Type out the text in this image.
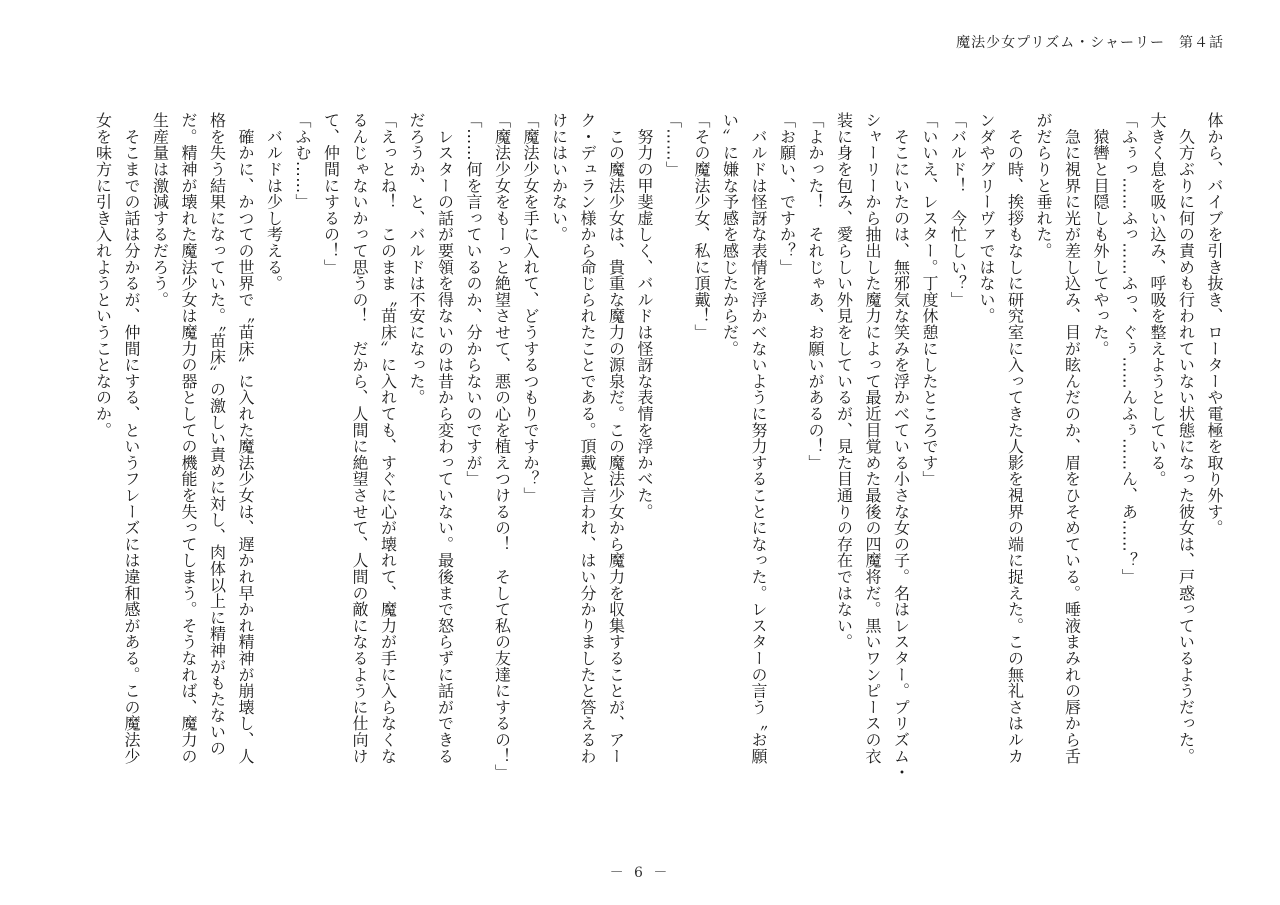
魔法少女プリズム・シャーリー 第４話
体から、バイブを引き抜き、ローターや電極を取り外す。
　久方ぶりに何の責めも行われていない状態になった彼女は、戸惑っているようだった。
大きく息を吸い込み、呼吸を整えようとしている。
「ふぅっ……ふっ……ふっ、ぐぅ……んふぅ……ん、あ……？」
　猿轡と目隠しも外してやった。
　急に視界に光が差し込み、目が眩んだのか、眉をひそめている。唾液まみれの唇から舌
がだらりと垂れた。
　その時、挨拶もなしに研究室に入ってきた人影を視界の端に捉えた。この無礼さはルカ
ンダやグリーヴァではない。
「バルド！　今忙しい？」
「いいえ、レスター。丁度休憩にしたところです」
　そこにいたのは、無邪気な笑みを浮かべている小さな女の子。名はレスター。プリズム・
シャーリーから抽出した魔力によって最近目覚めた最後の四魔将だ。黒いワンピースの衣
装に身を包み、愛らしい外見をしているが、見た目通りの存在ではない。
「よかった！　それじゃあ、お願いがあるの！」
「お願い、ですか？」
　バルドは怪訝な表情を浮かべないように努力することになった。レスターの言う〝お願
い〟に嫌な予感を感じたからだ。
「その魔法少女、私に頂戴！」
「……」
　努力の甲斐虚しく、バルドは怪訝な表情を浮かべた。
　この魔法少女は、貴重な魔力の源泉だ。この魔法少女から魔力を収集することが、アー
ク・デュラン様から命じられたことである。頂戴と言われ、はい分かりましたと答えるわ
けにはいかない。
「魔法少女を手に入れて、どうするつもりですか？」
「魔法少女をもーっと絶望させて、悪の心を植えつけるの！　そして私の友達にするの！」
「……何を言っているのか、分からないのですが」
　レスターの話が要領を得ないのは昔から変わっていない。最後まで怒らずに話ができる
だろうか、と、バルドは不安になった。
「えっとね！　このまま〝苗床〟に入れても、すぐに心が壊れて、魔力が手に入らなくな
るんじゃないかって思うの！　だから、人間に絶望させて、人間の敵になるように仕向け
て、仲間にするの！」
「ふむ……」
　バルドは少し考える。
　確かに、かつての世界で〝苗床〟に入れた魔法少女は、遅かれ早かれ精神が崩壊し、人
格を失う結果になっていた。〝苗床〟の激しい責めに対し、肉体以上に精神がもたないの
だ。精神が壊れた魔法少女は魔力の器としての機能を失ってしまう。そうなれば、魔力の
生産量は激減するだろう。
　そこまでの話は分かるが、仲間にする、というフレーズには違和感がある。この魔法少
女を味方に引き入れようということなのか。
－ 6 －
